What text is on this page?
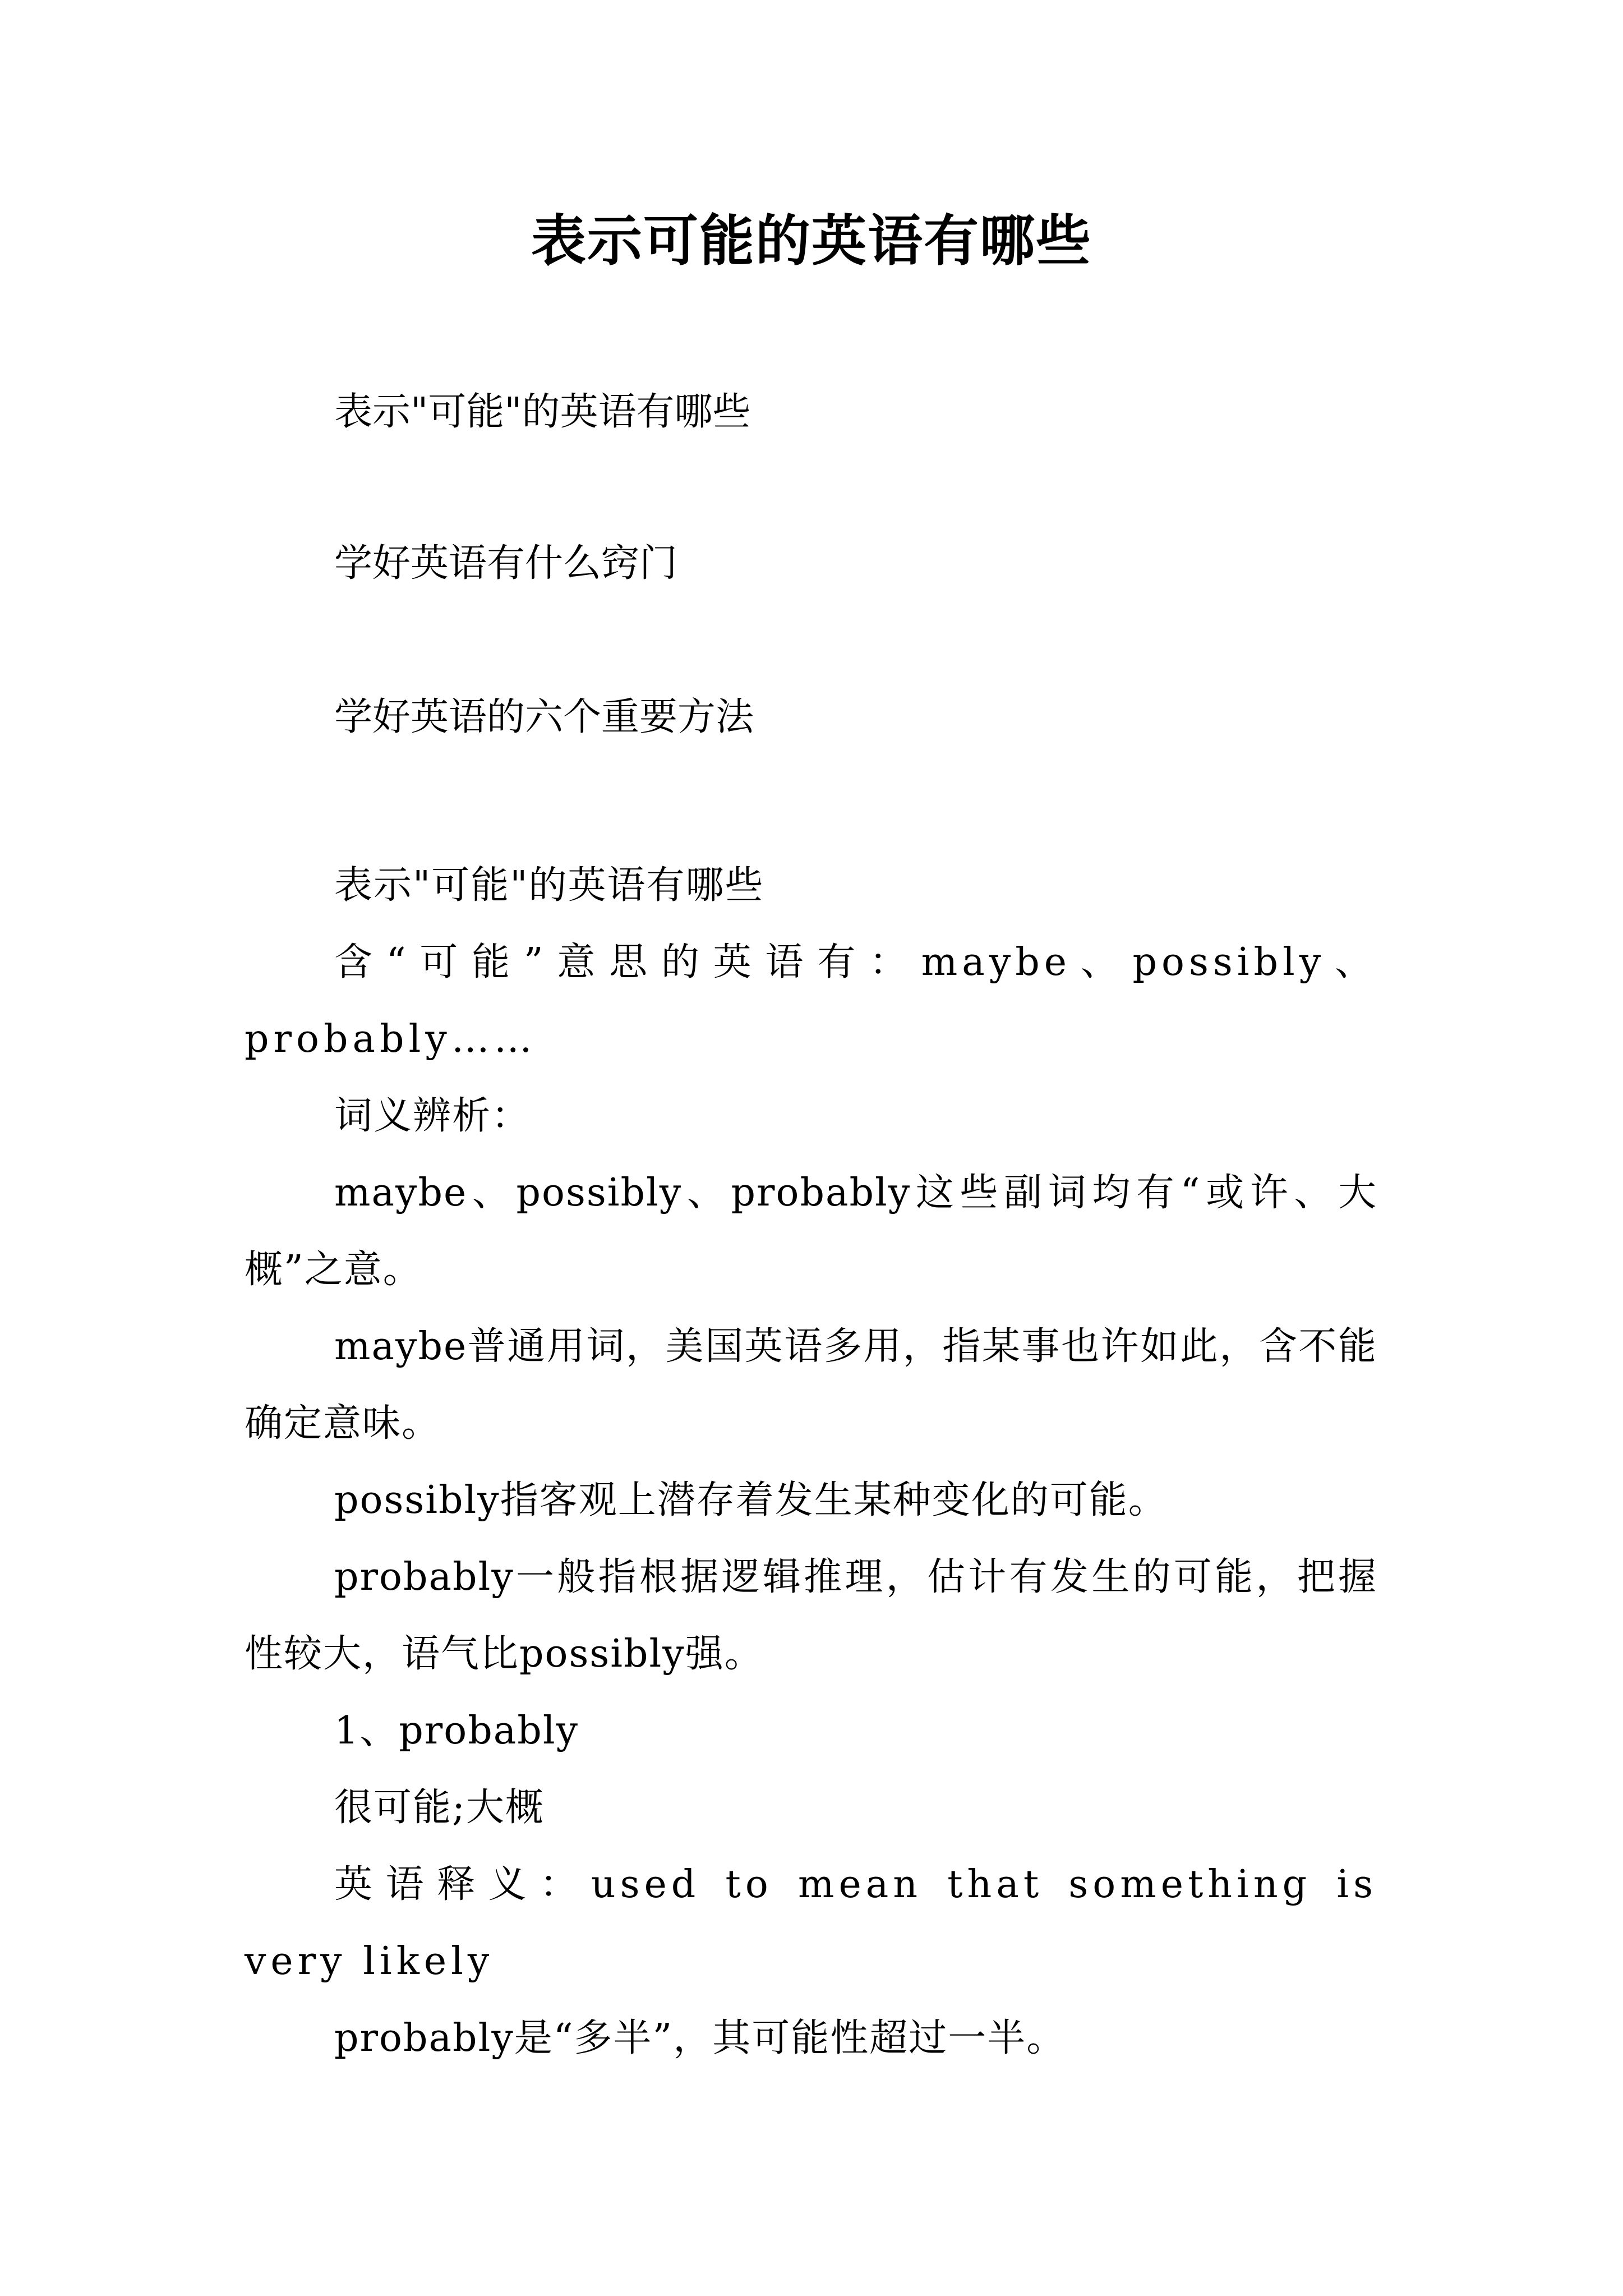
表示可能的英语有哪些
表示"可能"的英语有哪些
学好英语有什么窍门
学好英语的六个重要方法

表示"可能"的英语有哪些

含“可能”意思的英语有：maybe、possibly、probably……

词义辨析：

maybe、possibly、probably这些副词均有“或许、大概”之意。

maybe普通用词，美国英语多用，指某事也许如此，含不能确定意味。

possibly指客观上潜存着发生某种变化的可能。

probably一般指根据逻辑推理，估计有发生的可能，把握性较大，语气比possibly强。

1、probably

很可能;大概

英语释义：used to mean that something is very likely

probably是“多半”，其可能性超过一半。
